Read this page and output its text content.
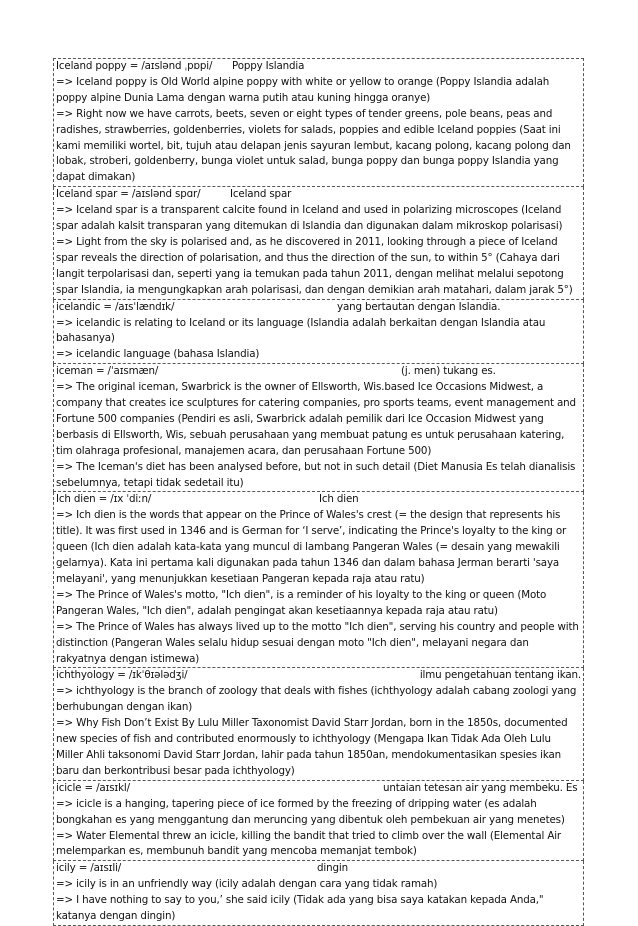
Iceland poppy = /aɪslənd ˌpɒpi/	Poppy Islandia

=> Iceland poppy is Old World alpine poppy with white or yellow to orange (Poppy Islandia adalah poppy alpine Dunia Lama dengan warna putih atau kuning hingga oranye)

=> Right now we have carrots, beets, seven or eight types of tender greens, pole beans, peas and radishes, strawberries, goldenberries, violets for salads, poppies and edible Iceland poppies (Saat ini kami memiliki wortel, bit, tujuh atau delapan jenis sayuran lembut, kacang polong, kacang polong dan lobak, stroberi, goldenberry, bunga violet untuk salad, bunga poppy dan bunga poppy Islandia yang dapat dimakan)

Iceland spar = /aɪslənd spɑr/	Iceland spar

=> Iceland spar is a transparent calcite found in Iceland and used in polarizing microscopes (Iceland spar adalah kalsit transparan yang ditemukan di Islandia dan digunakan dalam mikroskop polarisasi)

=> Light from the sky is polarised and, as he discovered in 2011, looking through a piece of Iceland spar reveals the direction of polarisation, and thus the direction of the sun, to within 5° (Cahaya dari langit terpolarisasi dan, seperti yang ia temukan pada tahun 2011, dengan melihat melalui sepotong spar Islandia, ia mengungkapkan arah polarisasi, dan dengan demikian arah matahari, dalam jarak 5°)

icelandic = /aɪsˈlændɪk/	yang bertautan dengan Islandia.

=> icelandic is relating to Iceland or its language (Islandia adalah berkaitan dengan Islandia atau bahasanya)

=> icelandic language (bahasa Islandia)

iceman = /ˈaɪsmæn/	(j. men) tukang es.

=> The original iceman, Swarbrick is the owner of Ellsworth, Wis.based Ice Occasions Midwest, a company that creates ice sculptures for catering companies, pro sports teams, event management and Fortune 500 companies (Pendiri es asli, Swarbrick adalah pemilik dari Ice Occasion Midwest yang berbasis di Ellsworth, Wis, sebuah perusahaan yang membuat patung es untuk perusahaan katering, tim olahraga profesional, manajemen acara, dan perusahaan Fortune 500)

=> The Iceman's diet has been analysed before, but not in such detail (Diet Manusia Es telah dianalisis sebelumnya, tetapi tidak sedetail itu)

Ich dien = /ɪx ˈdiːn/	Ich dien

=> Ich dien is the words that appear on the Prince of Wales's crest (= the design that represents his title). It was first used in 1346 and is German for ‘I serve’, indicating the Prince's loyalty to the king or queen (Ich dien adalah kata-kata yang muncul di lambang Pangeran Wales (= desain yang mewakili gelarnya). Kata ini pertama kali digunakan pada tahun 1346 dan dalam bahasa Jerman berarti 'saya melayani', yang menunjukkan kesetiaan Pangeran kepada raja atau ratu)

=> The Prince of Wales's motto, "Ich dien", is a reminder of his loyalty to the king or queen (Moto Pangeran Wales, "Ich dien", adalah pengingat akan kesetiaannya kepada raja atau ratu)

=> The Prince of Wales has always lived up to the motto "Ich dien", serving his country and people with distinction (Pangeran Wales selalu hidup sesuai dengan moto "Ich dien", melayani negara dan rakyatnya dengan istimewa)

ichthyology = /ɪkˈθɪələdʒi/	ilmu pengetahuan tentang ikan.

=> ichthyology is the branch of zoology that deals with fishes (ichthyology adalah cabang zoologi yang berhubungan dengan ikan)

=> Why Fish Don’t Exist By Lulu Miller Taxonomist David Starr Jordan, born in the 1850s, documented new species of fish and contributed enormously to ichthyology (Mengapa Ikan Tidak Ada Oleh Lulu Miller Ahli taksonomi David Starr Jordan, lahir pada tahun 1850an, mendokumentasikan spesies ikan baru dan berkontribusi besar pada ichthyology)

icicle = /aɪsɪkl/	untaian tetesan air yang membeku. Es

=> icicle is a hanging, tapering piece of ice formed by the freezing of dripping water (es adalah bongkahan es yang menggantung dan meruncing yang dibentuk oleh pembekuan air yang menetes)

=> Water Elemental threw an icicle, killing the bandit that tried to climb over the wall (Elemental Air melemparkan es, membunuh bandit yang mencoba memanjat tembok)

icily = /aɪsɪli/	dingin

=> icily is in an unfriendly way (icily adalah dengan cara yang tidak ramah)

=> I have nothing to say to you,’ she said icily (Tidak ada yang bisa saya katakan kepada Anda," katanya dengan dingin)
